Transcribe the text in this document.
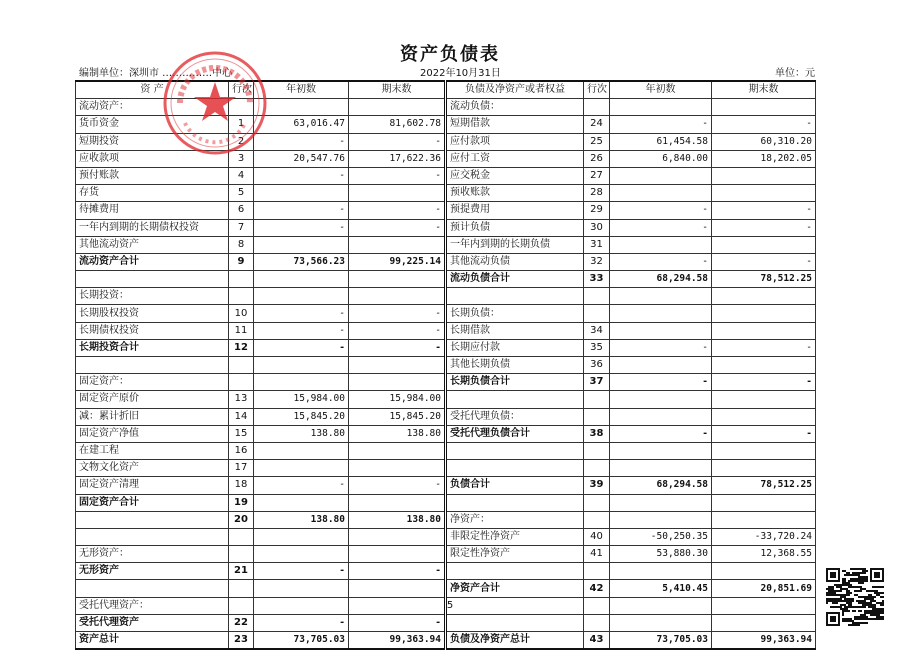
资产负债表
编制单位：深圳市 ……………中心	2022年10月31日	单位：元
资 产	行次	年初数	期末数	负债及净资产或者权益	行次	年初数	期末数
流动资产：				流动负债：			
货币资金	1	63,016.47	81,602.78	短期借款	24	-	-
短期投资	2	-	-	应付款项	25	61,454.58	60,310.20
应收款项	3	20,547.76	17,622.36	应付工资	26	6,840.00	18,202.05
预付账款	4	-	-	应交税金	27		
存货	5			预收账款	28		
待摊费用	6	-	-	预提费用	29	-	-
一年内到期的长期债权投资	7	-	-	预计负债	30	-	-
其他流动资产	8			一年内到期的长期负债	31		
流动资产合计	9	73,566.23	99,225.14	其他流动负债	32	-	-
				流动负债合计	33	68,294.58	78,512.25
长期投资：							
长期股权投资	10	-	-	长期负债：			
长期债权投资	11	-	-	长期借款	34		
长期投资合计	12	-	-	长期应付款	35	-	-
				其他长期负债	36		
固定资产：				长期负债合计	37	-	-
固定资产原价	13	15,984.00	15,984.00				
减：累计折旧	14	15,845.20	15,845.20	受托代理负债：			
固定资产净值	15	138.80	138.80	受托代理负债合计	38	-	-
在建工程	16						
文物文化资产	17						
固定资产清理	18	-	-	负债合计	39	68,294.58	78,512.25
固定资产合计	19						
	20	138.80	138.80	净资产：			
				非限定性净资产	40	-50,250.35	-33,720.24
无形资产：				限定性净资产	41	53,880.30	12,368.55
无形资产	21	-	-				
				净资产合计	42	5,410.45	20,851.69
受托代理资产：							
受托代理资产	22	-	-				
资产总计	23	73,705.03	99,363.94	负债及净资产总计	43	73,705.03	99,363.94
5
